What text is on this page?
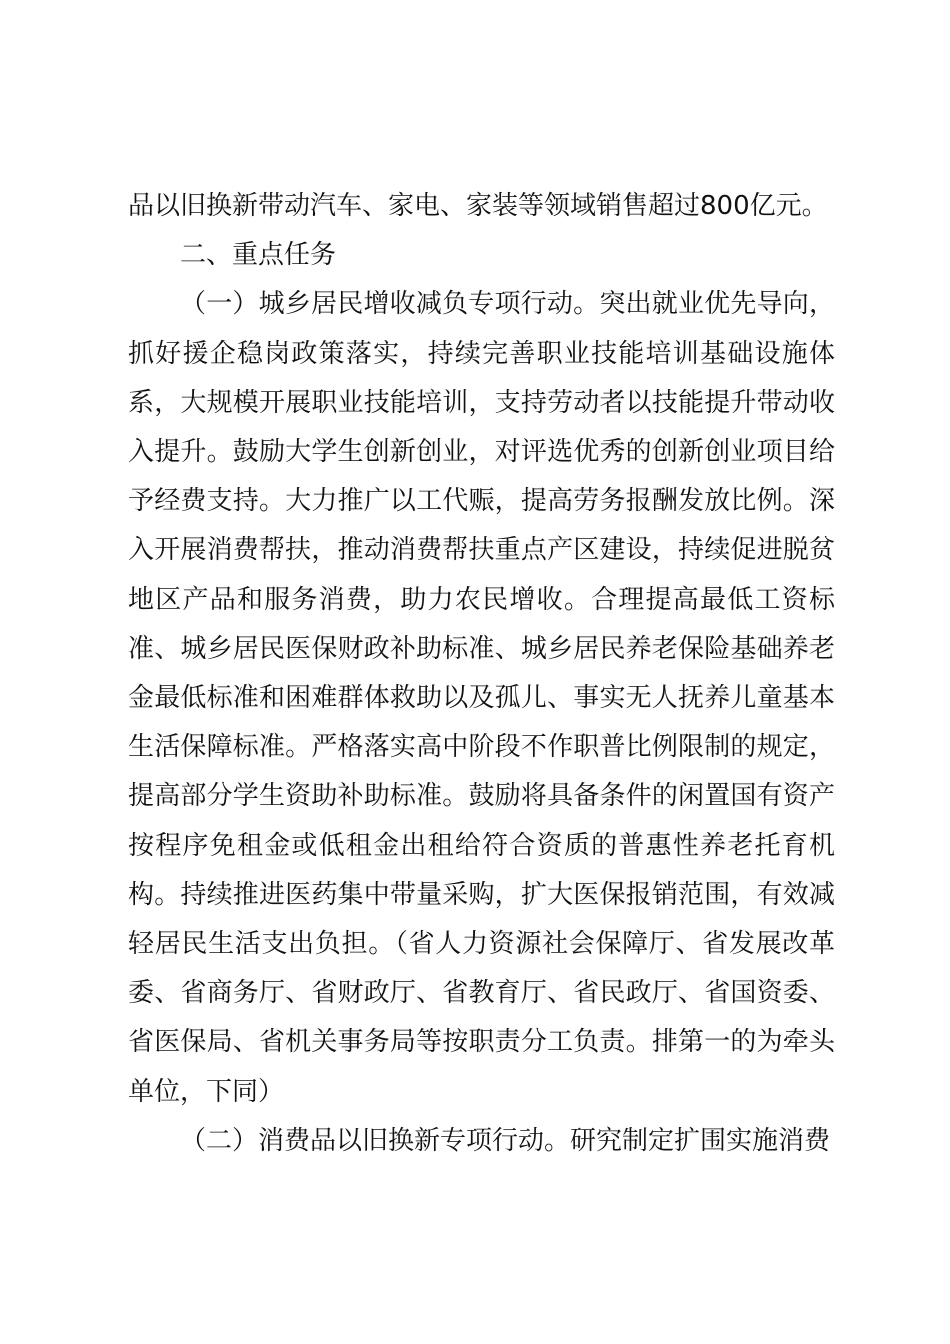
品以旧换新带动汽车、家电、家装等领域销售超过800亿元。

二、重点任务

（一）城乡居民增收减负专项行动。突出就业优先导向，抓好援企稳岗政策落实，持续完善职业技能培训基础设施体系，大规模开展职业技能培训，支持劳动者以技能提升带动收入提升。鼓励大学生创新创业，对评选优秀的创新创业项目给予经费支持。大力推广以工代赈，提高劳务报酬发放比例。深入开展消费帮扶，推动消费帮扶重点产区建设，持续促进脱贫地区产品和服务消费，助力农民增收。合理提高最低工资标准、城乡居民医保财政补助标准、城乡居民养老保险基础养老金最低标准和困难群体救助以及孤儿、事实无人抚养儿童基本生活保障标准。严格落实高中阶段不作职普比例限制的规定，提高部分学生资助补助标准。鼓励将具备条件的闲置国有资产按程序免租金或低租金出租给符合资质的普惠性养老托育机构。持续推进医药集中带量采购，扩大医保报销范围，有效减轻居民生活支出负担。（省人力资源社会保障厅、省发展改革委、省商务厅、省财政厅、省教育厅、省民政厅、省国资委、省医保局、省机关事务局等按职责分工负责。排第一的为牵头单位，下同）

（二）消费品以旧换新专项行动。研究制定扩围实施消费
